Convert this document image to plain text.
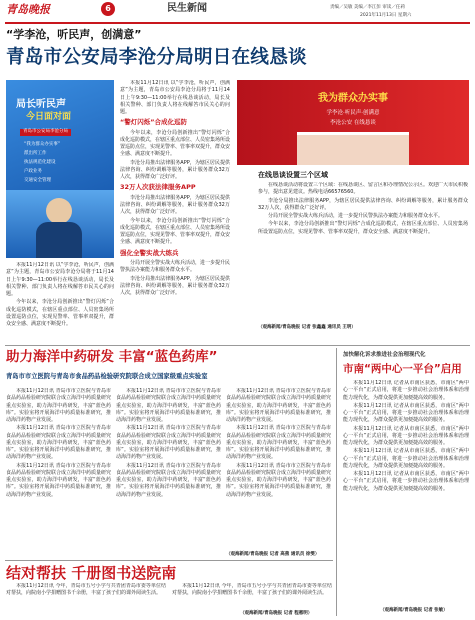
青岛晚报	6	民生新闻	责编／吴敏 美编／李江彭 审读／任莉
2021年11月13日 星期六
“学李沧，听民声，创满意”
青岛市公安局李沧分局明日在线恳谈
局长听民声
今日面对面
青岛市公安局李沧分局
“我为群众办实事”
派出所工作
执法规范化建设
户政业务
交通安全管理

本报11月12日讯 以“学李沧，听民声，创满意”为主题，青岛市公安局李沧分局将于11月14日上午9:30—11:00举行在线恳谈活动，局长及相关警种、部门负责人将在线解答市民关心的问题。

今年以来，李沧分局创新推出“警灯闪烁”合成化巡防模式，在辖区重点部位、人员密集场所设置巡防点位，实现见警率、管事率双提升，群众安全感、满意度不断提升。

本报11月12日讯 以“学李沧，听民声，创满意”为主题，青岛市公安局李沧分局将于11月14日上午9:30—11:00举行在线恳谈活动，局长及相关警种、部门负责人将在线解答市民关心的问题。

“警灯闪烁”合成化巡防

今年以来，李沧分局创新推出“警灯闪烁”合成化巡防模式，在辖区重点部位、人员密集场所设置巡防点位，实现见警率、管事率双提升，群众安全感、满意度不断提升。

李沧分局推出法律服务APP，为辖区居民提供法律咨询、纠纷调解等服务，累计服务群众32万人次，获得群众广泛好评。

32万人次获法律服务APP

李沧分局推出法律服务APP，为辖区居民提供法律咨询、纠纷调解等服务，累计服务群众32万人次，获得群众广泛好评。

今年以来，李沧分局创新推出“警灯闪烁”合成化巡防模式，在辖区重点部位、人员密集场所设置巡防点位，实现见警率、管事率双提升，群众安全感、满意度不断提升。

强化全警实战大练兵

分局开展全警实战大练兵活动，进一步提升民警执法办案能力和服务群众水平。

李沧分局推出法律服务APP，为辖区居民提供法律咨询、纠纷调解等服务，累计服务群众32万人次，获得群众广泛好评。

我为群众办实事
学李沧·听民声·创满意
李沧公安 在线恳谈
在线恳谈设置三个区域

在线恳谈活动将设置三个区域：在线恳谈区、留言区和办理情况公示区。欢迎广大市民积极参与，提出意见建议。热线电话66576560。

李沧分局推出法律服务APP，为辖区居民提供法律咨询、纠纷调解等服务，累计服务群众32万人次，获得群众广泛好评。

分局开展全警实战大练兵活动，进一步提升民警执法办案能力和服务群众水平。

今年以来，李沧分局创新推出“警灯闪烁”合成化巡防模式，在辖区重点部位、人员密集场所设置巡防点位，实现见警率、管事率双提升，群众安全感、满意度不断提升。

（观海新闻/青岛晚报 记者 张鑫鑫 通讯员 王明）
助力海洋中药研发 丰富“蓝色药库”
青岛市市立医院与青岛市食品药品检验研究院联合成立国家级重点实验室

本报11月12日讯 青岛市市立医院与青岛市食品药品检验研究院联合成立海洋中药质量研究重点实验室，助力海洋中药研发，丰富“蓝色药库”。实验室将开展海洋中药质量标准研究，推动海洋药物产业发展。

本报11月12日讯 青岛市市立医院与青岛市食品药品检验研究院联合成立海洋中药质量研究重点实验室，助力海洋中药研发，丰富“蓝色药库”。实验室将开展海洋中药质量标准研究，推动海洋药物产业发展。

本报11月12日讯 青岛市市立医院与青岛市食品药品检验研究院联合成立海洋中药质量研究重点实验室，助力海洋中药研发，丰富“蓝色药库”。实验室将开展海洋中药质量标准研究，推动海洋药物产业发展。

本报11月12日讯 青岛市市立医院与青岛市食品药品检验研究院联合成立海洋中药质量研究重点实验室，助力海洋中药研发，丰富“蓝色药库”。实验室将开展海洋中药质量标准研究，推动海洋药物产业发展。

本报11月12日讯 青岛市市立医院与青岛市食品药品检验研究院联合成立海洋中药质量研究重点实验室，助力海洋中药研发，丰富“蓝色药库”。实验室将开展海洋中药质量标准研究，推动海洋药物产业发展。

本报11月12日讯 青岛市市立医院与青岛市食品药品检验研究院联合成立海洋中药质量研究重点实验室，助力海洋中药研发，丰富“蓝色药库”。实验室将开展海洋中药质量标准研究，推动海洋药物产业发展。

本报11月12日讯 青岛市市立医院与青岛市食品药品检验研究院联合成立海洋中药质量研究重点实验室，助力海洋中药研发，丰富“蓝色药库”。实验室将开展海洋中药质量标准研究，推动海洋药物产业发展。

本报11月12日讯 青岛市市立医院与青岛市食品药品检验研究院联合成立海洋中药质量研究重点实验室，助力海洋中药研发，丰富“蓝色药库”。实验室将开展海洋中药质量标准研究，推动海洋药物产业发展。

本报11月12日讯 青岛市市立医院与青岛市食品药品检验研究院联合成立海洋中药质量研究重点实验室，助力海洋中药研发，丰富“蓝色药库”。实验室将开展海洋中药质量标准研究，推动海洋药物产业发展。

（观海新闻/青岛晚报 记者 高燕 通讯员 徐雯）
加快解化诉求推进社会治理现代化
市南“两中心一平台”启用

本报11月12日讯 记者从市南区获悉，市南区“两中心一平台”正式启用，将进一步推动社会治理体系和治理能力现代化，为群众提供更加便捷高效的服务。

本报11月12日讯 记者从市南区获悉，市南区“两中心一平台”正式启用，将进一步推动社会治理体系和治理能力现代化，为群众提供更加便捷高效的服务。

本报11月12日讯 记者从市南区获悉，市南区“两中心一平台”正式启用，将进一步推动社会治理体系和治理能力现代化，为群众提供更加便捷高效的服务。

本报11月12日讯 记者从市南区获悉，市南区“两中心一平台”正式启用，将进一步推动社会治理体系和治理能力现代化，为群众提供更加便捷高效的服务。

本报11月12日讯 记者从市南区获悉，市南区“两中心一平台”正式启用，将进一步推动社会治理体系和治理能力现代化，为群众提供更加便捷高效的服务。

（观海新闻/青岛晚报 记者 张敏）
结对帮扶 千册图书送院南

本报11月12日讯 今年，青岛市五号小学与共青团青岛市委等单位结对帮扶，向院南小学捐赠图书千余册，丰富了孩子们的课外阅读生活。

本报11月12日讯 今年，青岛市五号小学与共青团青岛市委等单位结对帮扶，向院南小学捐赠图书千余册，丰富了孩子们的课外阅读生活。

（观海新闻/青岛晚报 记者 程惠明）
